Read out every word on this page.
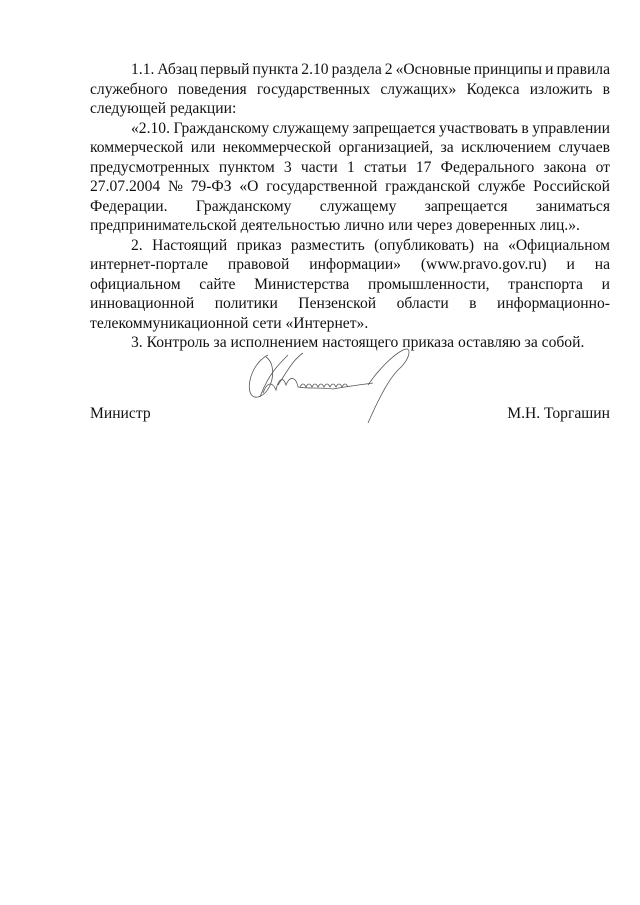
1.1. Абзац первый пункта 2.10 раздела 2 «Основные принципы и правила
служебного поведения государственных служащих» Кодекса изложить в
следующей редакции:
«2.10. Гражданскому служащему запрещается участвовать в управлении
коммерческой или некоммерческой организацией, за исключением случаев
предусмотренных пунктом 3 части 1 статьи 17 Федерального закона от
27.07.2004 № 79-ФЗ «О государственной гражданской службе Российской
Федерации. Гражданскому служащему запрещается заниматься
предпринимательской деятельностью лично или через доверенных лиц.».
2. Настоящий приказ разместить (опубликовать) на «Официальном
интернет-портале правовой информации» (www.pravo.gov.ru) и на
официальном сайте Министерства промышленности, транспорта и
инновационной политики Пензенской области в информационно-
телекоммуникационной сети «Интернет».
3. Контроль за исполнением настоящего приказа оставляю за собой.
Министр	М.Н. Торгашин
